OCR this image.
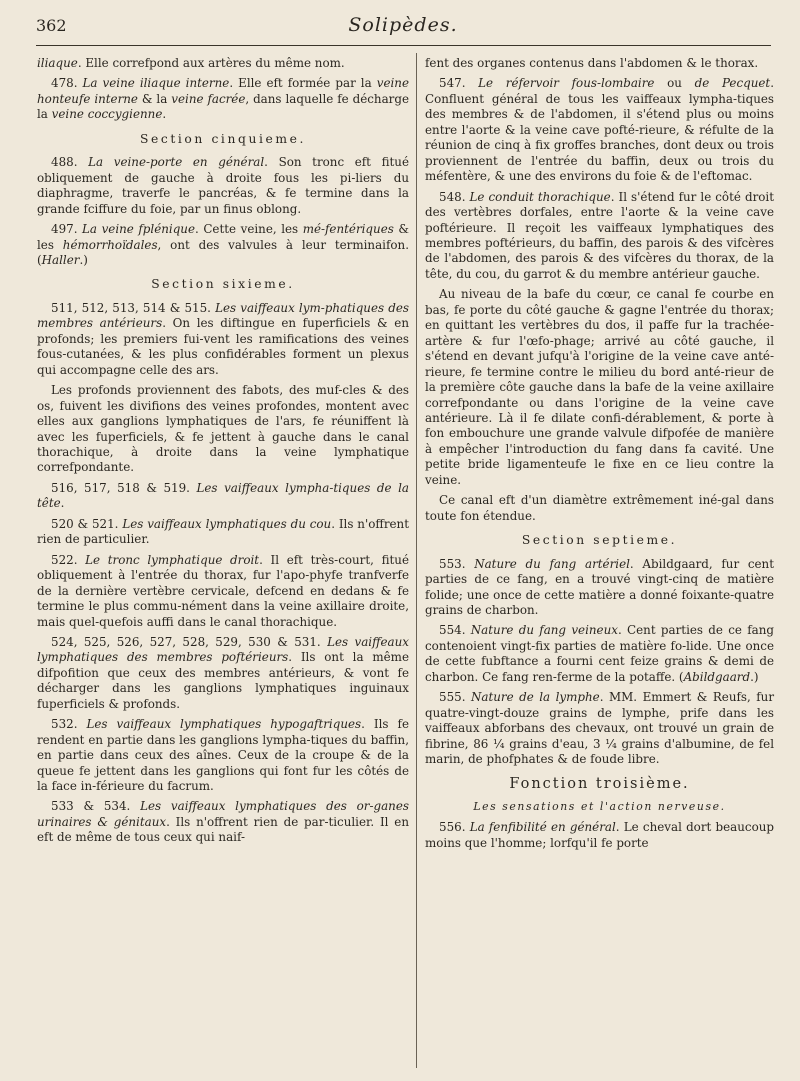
362	Solipèdes.

iliaque. Elle correfpond aux artères du même nom.

478. La veine iliaque interne. Elle eft formée par la veine honteufe interne & la veine facrée, dans laquelle fe décharge la veine coccygienne.

Section cinquieme.

488. La veine-porte en général. Son tronc eft fitué obliquement de gauche à droite fous les pi-liers du diaphragme, traverfe le pancréas, & fe termine dans la grande fciffure du foie, par un finus oblong.

497. La veine fplénique. Cette veine, les mé-fentériques & les hémorrhoïdales, ont des valvules à leur terminaifon. (Haller.)

Section sixieme.

511, 512, 513, 514 & 515. Les vaiffeaux lym-phatiques des membres antérieurs. On les diftingue en fuperficiels & en profonds; les premiers fui-vent les ramifications des veines fous-cutanées, & les plus confidérables forment un plexus qui accompagne celle des ars.

Les profonds proviennent des fabots, des muf-cles & des os, fuivent les divifions des veines profondes, montent avec elles aux ganglions lymphatiques de l'ars, fe réuniffent là avec les fuperficiels, & fe jettent à gauche dans le canal thorachique, à droite dans la veine lymphatique correfpondante.

516, 517, 518 & 519. Les vaiffeaux lympha-tiques de la tête.

520 & 521. Les vaiffeaux lymphatiques du cou. Ils n'offrent rien de particulier.

522. Le tronc lymphatique droit. Il eft très-court, fitué obliquement à l'entrée du thorax, fur l'apo-phyfe tranfverfe de la dernière vertèbre cervicale, defcend en dedans & fe termine le plus commu-nément dans la veine axillaire droite, mais quel-quefois auffi dans le canal thorachique.

524, 525, 526, 527, 528, 529, 530 & 531. Les vaiffeaux lymphatiques des membres poftérieurs. Ils ont la même difpofition que ceux des membres antérieurs, & vont fe décharger dans les ganglions lymphatiques inguinaux fuperficiels & profonds.

532. Les vaiffeaux lymphatiques hypogaftriques. Ils fe rendent en partie dans les ganglions lympha-tiques du baffin, en partie dans ceux des aînes. Ceux de la croupe & de la queue fe jettent dans les ganglions qui font fur les côtés de la face in-férieure du facrum.

533 & 534. Les vaiffeaux lymphatiques des or-ganes urinaires & génitaux. Ils n'offrent rien de par-ticulier. Il en eft de même de tous ceux qui naif-

fent des organes contenus dans l'abdomen & le thorax.

547. Le réfervoir fous-lombaire ou de Pecquet. Confluent général de tous les vaiffeaux lympha-tiques des membres & de l'abdomen, il s'étend plus ou moins entre l'aorte & la veine cave pofté-rieure, & réfulte de la réunion de cinq à fix groffes branches, dont deux ou trois proviennent de l'entrée du baffin, deux ou trois du méfentère, & une des environs du foie & de l'eftomac.

548. Le conduit thorachique. Il s'étend fur le côté droit des vertèbres dorfales, entre l'aorte & la veine cave poftérieure. Il reçoit les vaiffeaux lymphatiques des membres poftérieurs, du baffin, des parois & des vifcères de l'abdomen, des parois & des vifcères du thorax, de la tête, du cou, du garrot & du membre antérieur gauche.

Au niveau de la bafe du cœur, ce canal fe courbe en bas, fe porte du côté gauche & gagne l'entrée du thorax; en quittant les vertèbres du dos, il paffe fur la trachée-artère & fur l'œfo-phage; arrivé au côté gauche, il s'étend en devant jufqu'à l'origine de la veine cave anté-rieure, fe termine contre le milieu du bord anté-rieur de la première côte gauche dans la bafe de la veine axillaire correfpondante ou dans l'origine de la veine cave antérieure. Là il fe dilate confi-dérablement, & porte à fon embouchure une grande valvule difpofée de manière à empêcher l'introduction du fang dans fa cavité. Une petite bride ligamenteufe le fixe en ce lieu contre la veine.

Ce canal eft d'un diamètre extrêmement iné-gal dans toute fon étendue.

Section septieme.

553. Nature du fang artériel. Abildgaard, fur cent parties de ce fang, en a trouvé vingt-cinq de matière folide; une once de cette matière a donné foixante-quatre grains de charbon.

554. Nature du fang veineux. Cent parties de ce fang contenoient vingt-fix parties de matière fo-lide. Une once de cette fubftance a fourni cent feize grains & demi de charbon. Ce fang ren-ferme de la potaffe. (Abildgaard.)

555. Nature de la lymphe. MM. Emmert & Reufs, fur quatre-vingt-douze grains de lymphe, prife dans les vaiffeaux abforbans des chevaux, ont trouvé un grain de fibrine, 86 ¼ grains d'eau, 3 ¼ grains d'albumine, de fel marin, de phofphates & de foude libre.

Fonction troisième.
Les sensations et l'action nerveuse.

556. La fenfibilité en général. Le cheval dort beaucoup moins que l'homme; lorfqu'il fe porte
